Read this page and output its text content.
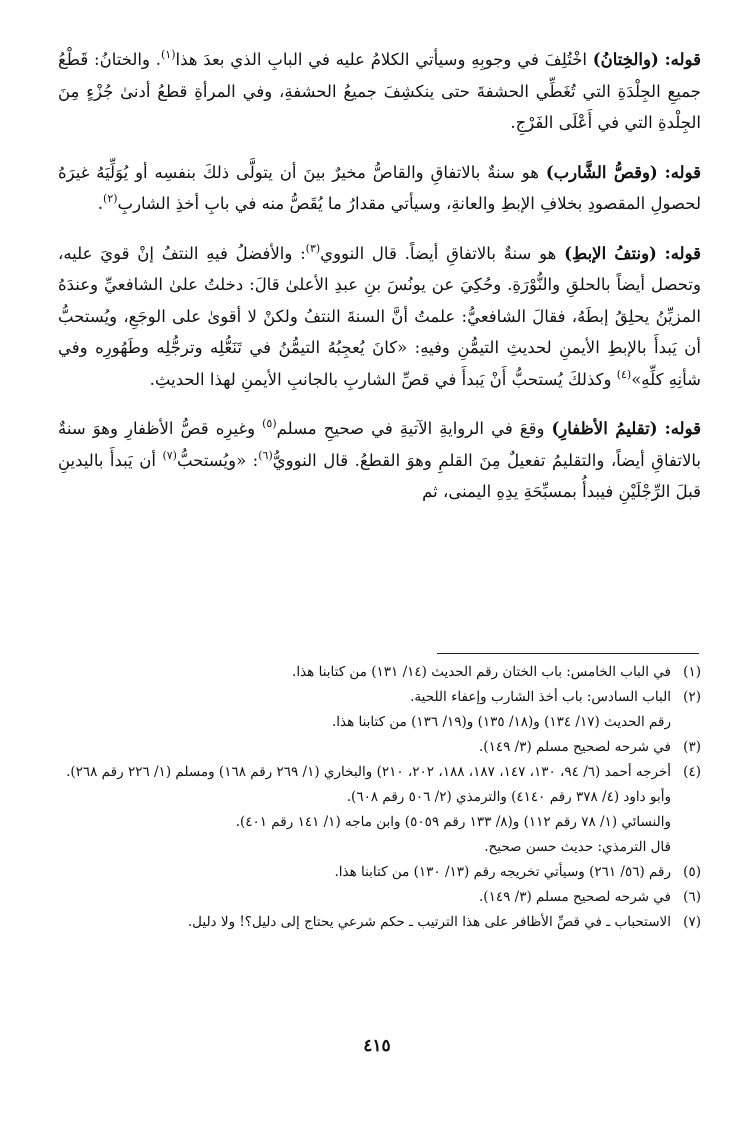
قوله: (والخِتانُ) اخْتُلِفَ في وجوبِهِ وسيأتي الكلامُ عليه في البابِ الذي بعدَ هذا$^{(١)}$. والختانُ: قَطْعُ جميعِ الجِلْدَةِ التي تُغَطِّي الحشفةَ حتى ينكشِفَ جميعُ الحشفةِ، وفي المرأةِ قطعُ أدنىٰ جُزْءٍ مِنَ الجِلْدةِ التي في أَعْلَى الفَرْجِ.

قوله: (وقصُّ الشَّارب) هو سنةٌ بالاتفاقِ والقاصُّ مخيرٌ بينَ أن يتولَّى ذلكَ بنفسِه أو يُوَلِّيَهُ غيرَهُ لحصولِ المقصودِ بخلافِ الإبطِ والعانةِ، وسيأتي مقدارُ ما يُقَصُّ منه في بابِ أخذِ الشاربِ$^{(٢)}$.

قوله: (ونتفُ الإبطِ) هو سنةٌ بالاتفاقِ أيضاً. قال النووي$^{(٣)}$: والأفضلُ فيهِ النتفُ إنْ قويَ عليه، وتحصل أيضاً بالحلقِ والنُّوْرَةِ. وحُكِيَ عن يونُسَ بنِ عبدِ الأعلىٰ قالَ: دخلتُ علىٰ الشافعيِّ وعندَهُ المزيِّنُ يحلِقُ إبطَهُ، فقالَ الشافعيُّ: علمتُ أنَّ السنةَ النتفُ ولكنْ لا أقوىٰ على الوجَعِ، ويُستحبُّ أن يَبدأَ بالإبطِ الأيمنِ لحديثِ التيمُّنِ وفيهِ: «كانَ يُعجِبُهُ التيمُّنُ في تَنَعُّلِه وترجُّلِه وطَهُورِه وفي شأنِهِ كلِّهِ»$^{(٤)}$ وكذلكَ يُستحبُّ أَنْ يَبدأَ في قصِّ الشاربِ بالجانبِ الأيمنِ لهذا الحديثِ.

قوله: (تقليمُ الأظفارِ) وقعَ في الروايةِ الآتيةِ في صحيحِ مسلم$^{(٥)}$ وغيرِه قصُّ الأظفارِ وهوَ سنةٌ بالاتفاقِ أيضاً، والتقليمُ تفعيلٌ مِنَ القلمِ وهوَ القطعُ. قال النوويُّ$^{(٦)}$: «ويُستحبُّ$^{(٧)}$ أن يَبدأَ باليدينِ قبلَ الرِّجْلَيْنِ فيبدأُ بمسبِّحَةِ يدِهِ اليمنى، ثم

(١)
في الباب الخامس: باب الختان رقم الحديث (١٤/ ١٣١) من كتابنا هذا.
(٢)
الباب السادس: باب أخذ الشارب وإعفاء اللحية.
رقم الحديث (١٧/ ١٣٤) و(١٨/ ١٣٥) و(١٩/ ١٣٦) من كتابنا هذا.
(٣)
في شرحه لصحيح مسلم (٣/ ١٤٩).
(٤)
أخرجه أحمد (٦/ ٩٤، ١٣٠، ١٤٧، ١٨٧، ١٨٨، ٢٠٢، ٢١٠) والبخاري (١/ ٢٦٩ رقم ١٦٨) ومسلم (١/ ٢٢٦ رقم ٢٦٨).
وأبو داود (٤/ ٣٧٨ رقم ٤١٤٠) والترمذي (٢/ ٥٠٦ رقم ٦٠٨).
والنسائي (١/ ٧٨ رقم ١١٢) و(٨/ ١٣٣ رقم ٥٠٥٩) وابن ماجه (١/ ١٤١ رقم ٤٠١).
قال الترمذي: حديث حسن صحيح.
(٥)
رقم (٥٦/ ٢٦١) وسيأتي تخريجه رقم (١٣/ ١٣٠) من كتابنا هذا.
(٦)
في شرحه لصحيح مسلم (٣/ ١٤٩).
(٧)
الاستحباب ـ في قصِّ الأظافر على هذا الترتيب ـ حكم شرعي يحتاج إلى دليل؟! ولا دليل.
٤١٥
